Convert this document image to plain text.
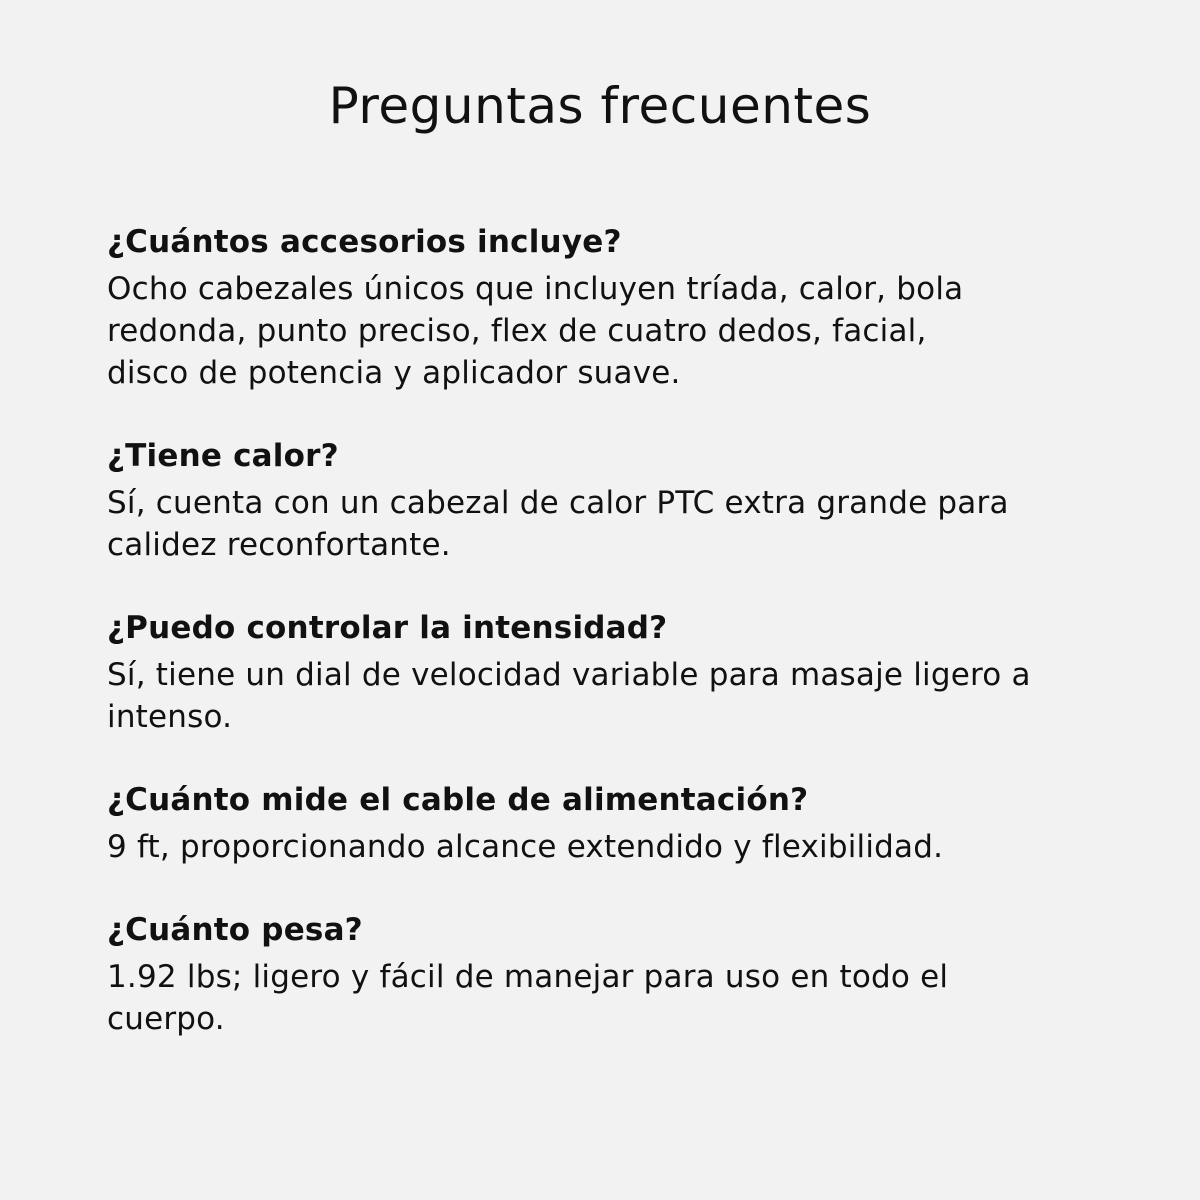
Preguntas frecuentes
¿Cuántos accesorios incluye?
Ocho cabezales únicos que incluyen tríada, calor, bola redonda, punto preciso, flex de cuatro dedos, facial, disco de potencia y aplicador suave.
¿Tiene calor?
Sí, cuenta con un cabezal de calor PTC extra grande para calidez reconfortante.
¿Puedo controlar la intensidad?
Sí, tiene un dial de velocidad variable para masaje ligero a intenso.
¿Cuánto mide el cable de alimentación?
9 ft, proporcionando alcance extendido y flexibilidad.
¿Cuánto pesa?
1.92 lbs; ligero y fácil de manejar para uso en todo el cuerpo.
